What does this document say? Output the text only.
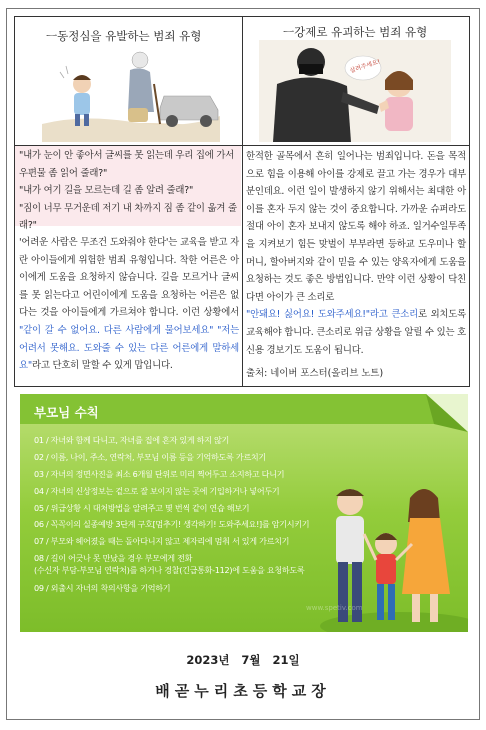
ㅡ동정심을 유발하는 범죄 유형	ㅡ강제로 유괴하는 범죄 유형
살려주세요!

"내가 눈이 안 좋아서 글씨를 못 읽는데 우리 집에 가서 우편물 좀 읽어 줄래?"

"내가 여기 길을 모르는데 길 좀 알려 줄래?"

"짐이 너무 무거운데 저기 내 차까지 짐 좀 같이 옮겨 줄래?"

'어려운 사람은 무조건 도와줘야 한다'는 교육을 받고 자란 아이들에게 위험한 범죄 유형입니다. 착한 어른은 아이에게 도움을 요청하지 않습니다. 길을 모르거나 글씨를 못 읽는다고 어린이에게 도움을 요청하는 어른은 없다는 것을 아이들에게 가르쳐야 합니다. 이런 상황에서 "같이 갈 수 없어요. 다른 사람에게 물어보세요" "저는 어려서 못해요. 도와줄 수 있는 다른 어른에게 말하세요"라고 단호히 말할 수 있게 맙입니다.
한적한 골목에서 흔히 일어나는 범죄입니다. 돈을 목적으로 힘을 이용해 아이를 강제로 끌고 가는 경우가 대부분인데요. 이런 일이 발생하지 않기 위해서는 최대한 아이를 혼자 두지 않는 것이 중요합니다. 가까운 슈퍼라도 절대 아이 혼자 보내지 않도록 해야 하죠. 일거수일투족을 지켜보기 힘든 맞벌이 부부라면 등하교 도우미나 할머니, 할아버지와 같이 믿을 수 있는 양육자에게 도움을 요청하는 것도 좋은 방법입니다. 만약 이런 상황이 닥친다면 아이가 큰 소리로
"안돼요! 싫어요! 도와주세요!"라고 큰소리로 외치도록 교육해야 합니다. 큰소리로 위급 상황을 알릴 수 있는 호신용 경보기도 도움이 됩니다.
출처: 네이버 포스터(올리브 노트)
부모님 수칙
01 / 자녀와 함께 다니고, 자녀를 집에 혼자 있게 하지 않기
02 / 이름, 나이, 주소, 연락처, 부모님 이름 등을 기억하도록 가르치기
03 / 자녀의 정면사진을 최소 6개월 단위로 미리 찍어두고 소지하고 다니기
04 / 자녀의 신상정보는 겉으로 잘 보이지 않는 곳에 기입하거나 넣어두기
05 / 위급상황 시 대처방법을 알려주고 몇 번씩 같이 연습 해보기
06 / 꼭꼭이의 실종예방 3단계 구호[멈추기! 생각하기! 도와주세요!]를 암기시키기
07 / 부모와 헤어졌을 때는 돌아다니지 않고 제자리에 멈춰 서 있게 가르치기
08 / 길이 어긋나 못 만났을 경우 부모에게 전화
(수신자 부담-부모님 연락처)를 하거나 경찰(긴급통화-112)에 도움을 요청하도록
09 / 외출시 자녀의 착의사항을 기억하기
www.spetiv.com
2023년 7월 21일
배곧누리초등학교장
